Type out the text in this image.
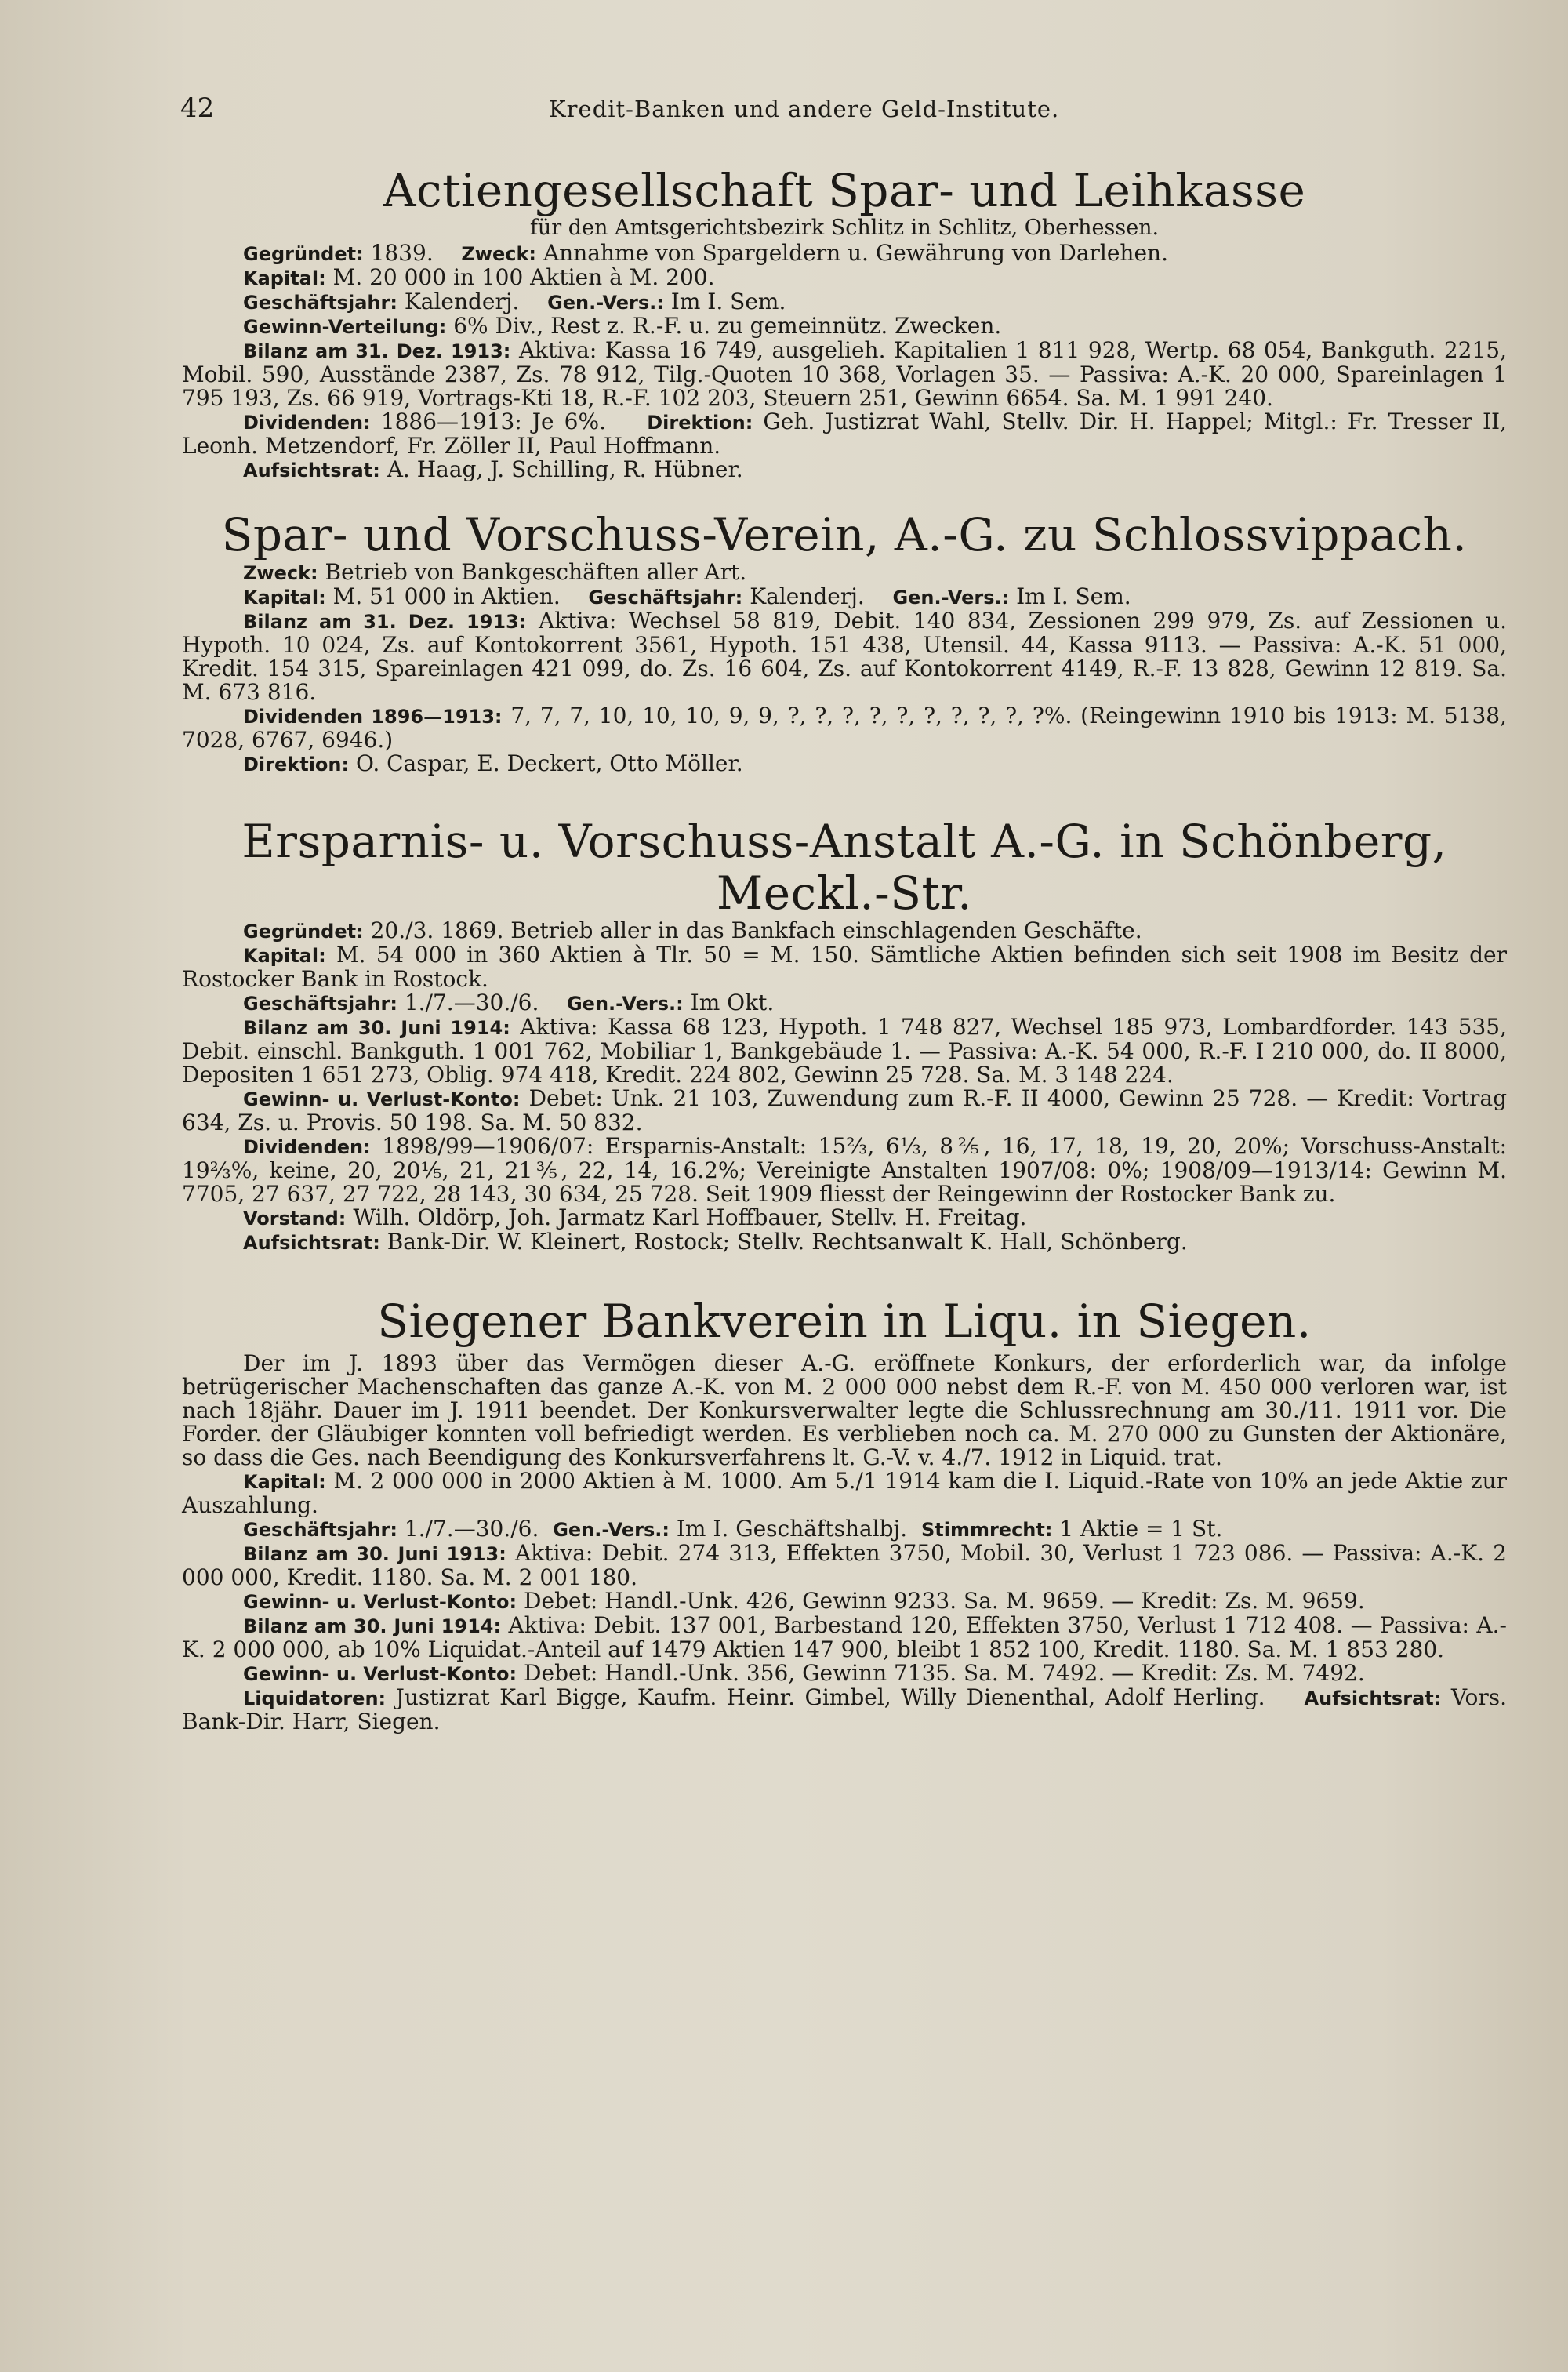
42	Kredit-Banken und andere Geld-Institute.
Actiengesellschaft Spar- und Leihkasse
für den Amtsgerichtsbezirk Schlitz in Schlitz, Oberhessen.

Gegründet: 1839. Zweck: Annahme von Spargeldern u. Gewährung von Darlehen.

Kapital: M. 20 000 in 100 Aktien à M. 200.

Geschäftsjahr: Kalenderj. Gen.-Vers.: Im I. Sem.

Gewinn-Verteilung: 6% Div., Rest z. R.-F. u. zu gemeinnütz. Zwecken.

Bilanz am 31. Dez. 1913: Aktiva: Kassa 16 749, ausgelieh. Kapitalien 1 811 928, Wertp. 68 054, Bankguth. 2215, Mobil. 590, Ausstände 2387, Zs. 78 912, Tilg.-Quoten 10 368, Vorlagen 35. — Passiva: A.-K. 20 000, Spareinlagen 1 795 193, Zs. 66 919, Vortrags-Kti 18, R.-F. 102 203, Steuern 251, Gewinn 6654. Sa. M. 1 991 240.

Dividenden: 1886—1913: Je 6%. Direktion: Geh. Justizrat Wahl, Stellv. Dir. H. Happel; Mitgl.: Fr. Tresser II, Leonh. Metzendorf, Fr. Zöller II, Paul Hoffmann.

Aufsichtsrat: A. Haag, J. Schilling, R. Hübner.

Spar- und Vorschuss-Verein, A.-G. zu Schlossvippach.

Zweck: Betrieb von Bankgeschäften aller Art.

Kapital: M. 51 000 in Aktien. Geschäftsjahr: Kalenderj. Gen.-Vers.: Im I. Sem.

Bilanz am 31. Dez. 1913: Aktiva: Wechsel 58 819, Debit. 140 834, Zessionen 299 979, Zs. auf Zessionen u. Hypoth. 10 024, Zs. auf Kontokorrent 3561, Hypoth. 151 438, Utensil. 44, Kassa 9113. — Passiva: A.-K. 51 000, Kredit. 154 315, Spareinlagen 421 099, do. Zs. 16 604, Zs. auf Kontokorrent 4149, R.-F. 13 828, Gewinn 12 819. Sa. M. 673 816.

Dividenden 1896—1913: 7, 7, 7, 10, 10, 10, 9, 9, ?, ?, ?, ?, ?, ?, ?, ?, ?, ?%. (Reingewinn 1910 bis 1913: M. 5138, 7028, 6767, 6946.)

Direktion: O. Caspar, E. Deckert, Otto Möller.

Ersparnis- u. Vorschuss-Anstalt A.-G. in Schönberg, Meckl.-Str.

Gegründet: 20./3. 1869. Betrieb aller in das Bankfach einschlagenden Geschäfte.

Kapital: M. 54 000 in 360 Aktien à Tlr. 50 = M. 150. Sämtliche Aktien befinden sich seit 1908 im Besitz der Rostocker Bank in Rostock.

Geschäftsjahr: 1./7.—30./6. Gen.-Vers.: Im Okt.

Bilanz am 30. Juni 1914: Aktiva: Kassa 68 123, Hypoth. 1 748 827, Wechsel 185 973, Lombardforder. 143 535, Debit. einschl. Bankguth. 1 001 762, Mobiliar 1, Bankgebäude 1. — Passiva: A.-K. 54 000, R.-F. I 210 000, do. II 8000, Depositen 1 651 273, Oblig. 974 418, Kredit. 224 802, Gewinn 25 728. Sa. M. 3 148 224.

Gewinn- u. Verlust-Konto: Debet: Unk. 21 103, Zuwendung zum R.-F. II 4000, Gewinn 25 728. — Kredit: Vortrag 634, Zs. u. Provis. 50 198. Sa. M. 50 832.

Dividenden: 1898/99—1906/07: Ersparnis-Anstalt: 15⅔, 6⅓, 8⅖, 16, 17, 18, 19, 20, 20%; Vorschuss-Anstalt: 19⅔%, keine, 20, 20⅕, 21, 21⅗, 22, 14, 16.2%; Vereinigte Anstalten 1907/08: 0%; 1908/09—1913/14: Gewinn M. 7705, 27 637, 27 722, 28 143, 30 634, 25 728. Seit 1909 fliesst der Reingewinn der Rostocker Bank zu.

Vorstand: Wilh. Oldörp, Joh. Jarmatz Karl Hoffbauer, Stellv. H. Freitag.

Aufsichtsrat: Bank-Dir. W. Kleinert, Rostock; Stellv. Rechtsanwalt K. Hall, Schönberg.

Siegener Bankverein in Liqu. in Siegen.

Der im J. 1893 über das Vermögen dieser A.-G. eröffnete Konkurs, der erforderlich war, da infolge betrügerischer Machenschaften das ganze A.-K. von M. 2 000 000 nebst dem R.-F. von M. 450 000 verloren war, ist nach 18jähr. Dauer im J. 1911 beendet. Der Konkursverwalter legte die Schlussrechnung am 30./11. 1911 vor. Die Forder. der Gläubiger konnten voll befriedigt werden. Es verblieben noch ca. M. 270 000 zu Gunsten der Aktionäre, so dass die Ges. nach Beendigung des Konkursverfahrens lt. G.-V. v. 4./7. 1912 in Liquid. trat.

Kapital: M. 2 000 000 in 2000 Aktien à M. 1000. Am 5./1 1914 kam die I. Liquid.-Rate von 10% an jede Aktie zur Auszahlung.

Geschäftsjahr: 1./7.—30./6. Gen.-Vers.: Im I. Geschäftshalbj. Stimmrecht: 1 Aktie = 1 St.

Bilanz am 30. Juni 1913: Aktiva: Debit. 274 313, Effekten 3750, Mobil. 30, Verlust 1 723 086. — Passiva: A.-K. 2 000 000, Kredit. 1180. Sa. M. 2 001 180.

Gewinn- u. Verlust-Konto: Debet: Handl.-Unk. 426, Gewinn 9233. Sa. M. 9659. — Kredit: Zs. M. 9659.

Bilanz am 30. Juni 1914: Aktiva: Debit. 137 001, Barbestand 120, Effekten 3750, Verlust 1 712 408. — Passiva: A.-K. 2 000 000, ab 10% Liquidat.-Anteil auf 1479 Aktien 147 900, bleibt 1 852 100, Kredit. 1180. Sa. M. 1 853 280.

Gewinn- u. Verlust-Konto: Debet: Handl.-Unk. 356, Gewinn 7135. Sa. M. 7492. — Kredit: Zs. M. 7492.

Liquidatoren: Justizrat Karl Bigge, Kaufm. Heinr. Gimbel, Willy Dienenthal, Adolf Herling. Aufsichtsrat: Vors. Bank-Dir. Harr, Siegen.
